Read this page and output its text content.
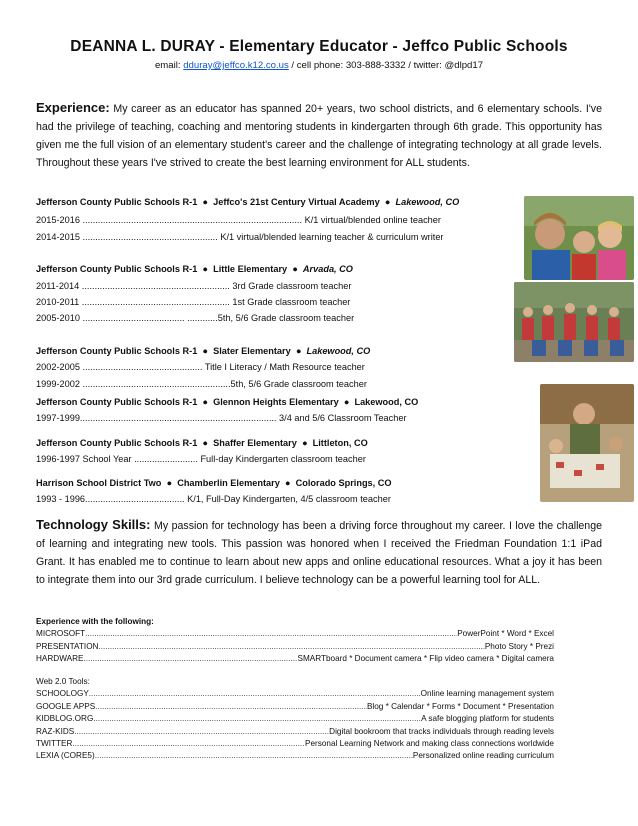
DEANNA L. DURAY - Elementary Educator - Jeffco Public Schools
email: dduray@jeffco.k12.co.us / cell phone: 303-888-3332 / twitter: @dlpd17
Experience: My career as an educator has spanned 20+ years, two school districts, and 6 elementary schools. I've had the privilege of teaching, coaching and mentoring students in kindergarten through 6th grade. This opportunity has given me the full vision of an elementary student's career and the challenge of integrating technology at all grade levels. Throughout these years I've strived to create the best learning environment for ALL students.
Jefferson County Public Schools R-1  ●  Jeffco's 21st Century Virtual Academy  ●  Lakewood, CO
2015-2016 ...................................................................................... K/1 virtual/blended online teacher
2014-2015 ..................................................... K/1 virtual/blended learning teacher & curriculum writer
Jefferson County Public Schools R-1  ●  Little Elementary  ●  Arvada, CO
2011-2014 .......................................................... 3rd Grade classroom teacher
2010-2011 .......................................................... 1st Grade classroom teacher
2005-2010 ........................................ ............5th, 5/6 Grade classroom teacher
Jefferson County Public Schools R-1  ●  Slater Elementary  ●  Lakewood, CO
2002-2005 ............................................... Title I Literacy / Math Resource teacher
1999-2002 ..........................................................5th, 5/6 Grade classroom teacher
Jefferson County Public Schools R-1  ●  Glennon Heights Elementary  ●  Lakewood, CO
1997-1999............................................................................. 3/4 and 5/6 Classroom Teacher
Jefferson County Public Schools R-1  ●  Shaffer Elementary  ●  Littleton, CO
1996-1997 School Year ......................... Full-day Kindergarten classroom teacher
Harrison School District Two  ●  Chamberlin Elementary  ●  Colorado Springs, CO
1993 - 1996....................................... K/1, Full-Day Kindergarten, 4/5 classroom teacher
Technology Skills: My passion for technology has been a driving force throughout my career. I love the challenge of learning and integrating new tools. This passion was honored when I received the Friedman Foundation 1:1 iPad Grant. It has enabled me to continue to learn about new apps and online educational resources. What a joy it has been to integrate them into our 3rd grade curriculum. I believe technology can be a powerful learning tool for ALL.
Experience with the following:
MICROSOFT .....	PowerPoint * Word * Excel
PRESENTATION .....	Photo Story * Prezi
HARDWARE .....	SMARTboard * Document camera * Flip video camera * Digital camera
Web 2.0 Tools:
SCHOOLOGY .....	Online learning management system
GOOGLE APPS .....	Blog * Calendar * Forms * Document * Presentation
KIDBLOG.ORG .....	A safe blogging platform for students
RAZ-KIDS .....	Digital bookroom that tracks individuals through reading levels
TWITTER .....	Personal Learning Network and making class connections worldwide
LEXIA (CORE5) .....	Personalized online reading curriculum
